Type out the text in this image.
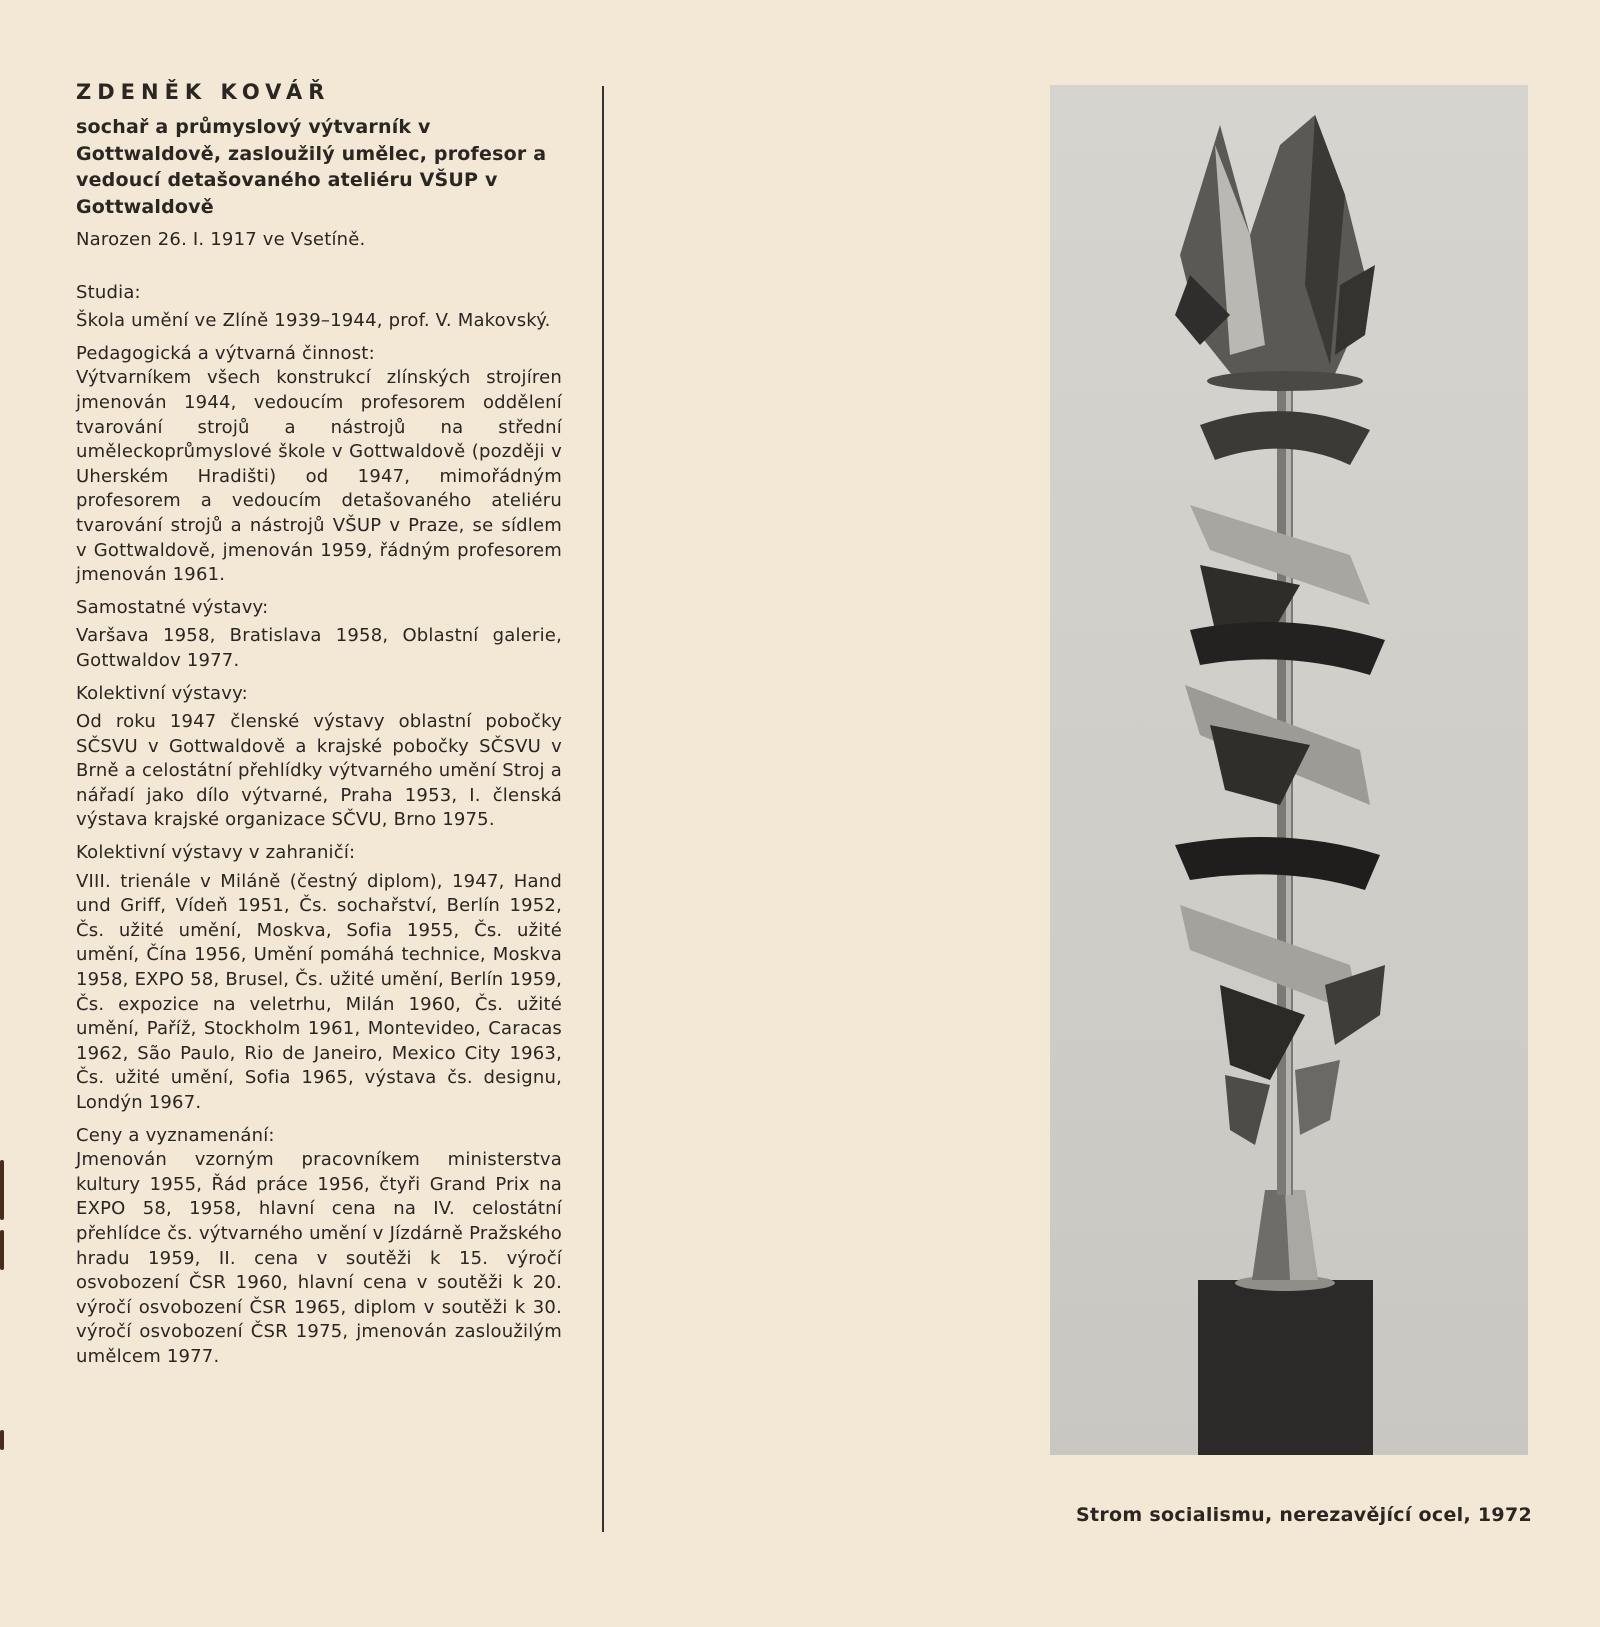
ZDENĚK KOVÁŘ
sochař a průmyslový výtvarník v Gottwaldově, zasloužilý umělec, profesor a vedoucí detašovaného ateliéru VŠUP v Gottwaldově
Narozen 26. I. 1917 ve Vsetíně.
Studia:
Škola umění ve Zlíně 1939–1944, prof. V. Makovský.
Pedagogická a výtvarná činnost:
Výtvarníkem všech konstrukcí zlínských strojíren jmenován 1944, vedoucím profesorem oddělení tvarování strojů a nástrojů na střední uměleckoprůmyslové škole v Gottwaldově (později v Uherském Hradišti) od 1947, mimořádným profesorem a vedoucím detašovaného ateliéru tvarování strojů a nástrojů VŠUP v Praze, se sídlem v Gottwaldově, jmenován 1959, řádným profesorem jmenován 1961.
Samostatné výstavy:
Varšava 1958, Bratislava 1958, Oblastní galerie, Gottwaldov 1977.
Kolektivní výstavy:
Od roku 1947 členské výstavy oblastní pobočky SČSVU v Gottwaldově a krajské pobočky SČSVU v Brně a celostátní přehlídky výtvarného umění Stroj a nářadí jako dílo výtvarné, Praha 1953, I. členská výstava krajské organizace SČVU, Brno 1975.
Kolektivní výstavy v zahraničí:
VIII. trienále v Miláně (čestný diplom), 1947, Hand und Griff, Vídeň 1951, Čs. sochařství, Berlín 1952, Čs. užité umění, Moskva, Sofia 1955, Čs. užité umění, Čína 1956, Umění pomáhá technice, Moskva 1958, EXPO 58, Brusel, Čs. užité umění, Berlín 1959, Čs. expozice na veletrhu, Milán 1960, Čs. užité umění, Paříž, Stockholm 1961, Montevideo, Caracas 1962, São Paulo, Rio de Janeiro, Mexico City 1963, Čs. užité umění, Sofia 1965, výstava čs. designu, Londýn 1967.
Ceny a vyznamenání:
Jmenován vzorným pracovníkem ministerstva kultury 1955, Řád práce 1956, čtyři Grand Prix na EXPO 58, 1958, hlavní cena na IV. celostátní přehlídce čs. výtvarného umění v Jízdárně Pražského hradu 1959, II. cena v soutěži k 15. výročí osvobození ČSR 1960, hlavní cena v soutěži k 20. výročí osvobození ČSR 1965, diplom v soutěži k 30. výročí osvobození ČSR 1975, jmenován zasloužilým umělcem 1977.
Strom socialismu, nerezavějící ocel, 1972
